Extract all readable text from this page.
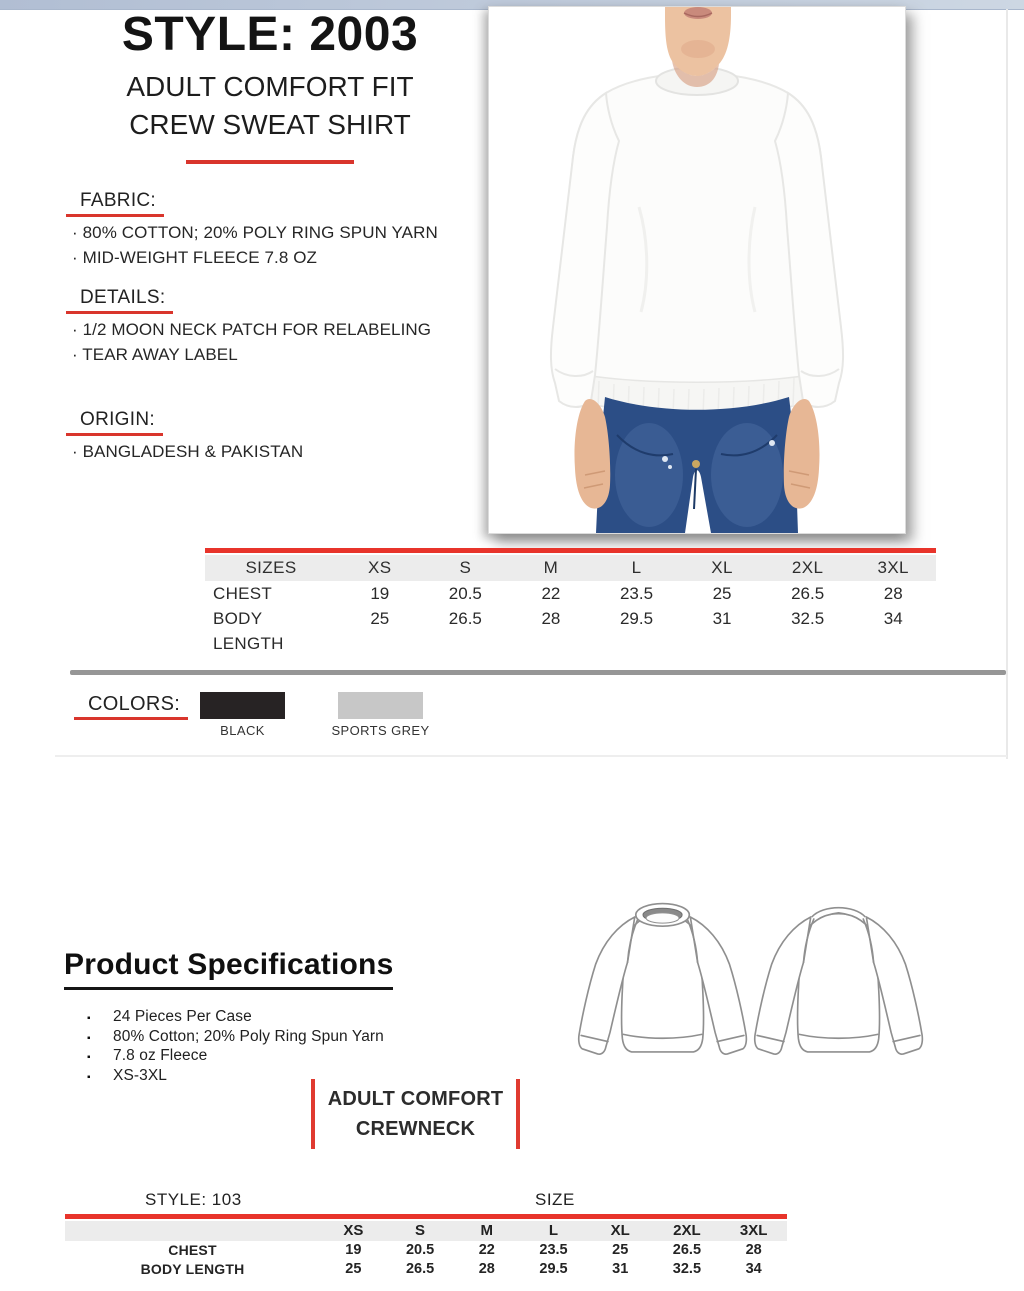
STYLE: 2003
ADULT COMFORT FIT
CREW SWEAT SHIRT
FABRIC:
· 80% COTTON; 20% POLY RING SPUN YARN
· MID-WEIGHT FLEECE 7.8 OZ
DETAILS:
· 1/2 MOON NECK PATCH FOR RELABELING
· TEAR AWAY LABEL
ORIGIN:
· BANGLADESH & PAKISTAN
SIZES	XS	S	M	L	XL	2XL	3XL
CHEST	19	20.5	22	23.5	25	26.5	28
BODY LENGTH
25	26.5	28	29.5	31	32.5	34
COLORS:
BLACK	SPORTS GREY
Product Specifications
▪	24 Pieces Per Case
▪	80% Cotton; 20% Poly Ring Spun Yarn
▪	7.8 oz Fleece
▪	XS-3XL
ADULT COMFORT
CREWNECK
STYLE: 103	SIZE
XS	S	M	L	XL	2XL	3XL
CHEST	19	20.5	22	23.5	25	26.5	28
BODY LENGTH	25	26.5	28	29.5	31	32.5	34
